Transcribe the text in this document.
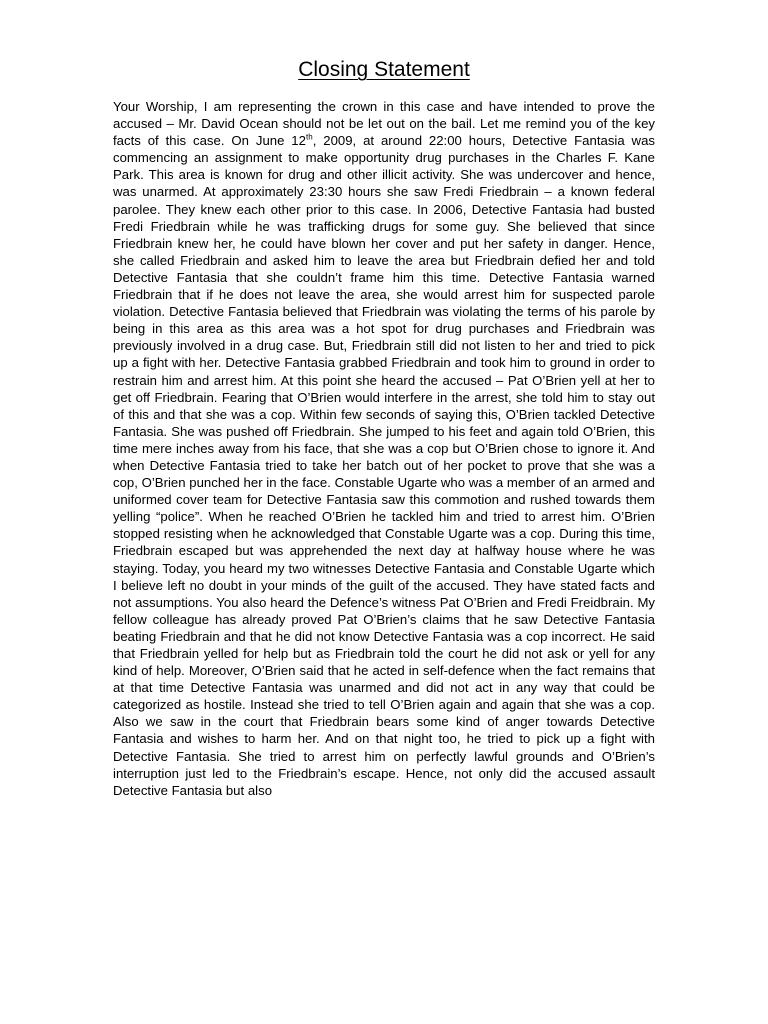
Closing Statement

Your Worship, I am representing the crown in this case and have intended to prove the accused – Mr. David Ocean should not be let out on the bail. Let me remind you of the key facts of this case. On June 12th, 2009, at around 22:00 hours, Detective Fantasia was commencing an assignment to make opportunity drug purchases in the Charles F. Kane Park. This area is known for drug and other illicit activity. She was undercover and hence, was unarmed. At approximately 23:30 hours she saw Fredi Friedbrain – a known federal parolee. They knew each other prior to this case. In 2006, Detective Fantasia had busted Fredi Friedbrain while he was trafficking drugs for some guy. She believed that since Friedbrain knew her, he could have blown her cover and put her safety in danger. Hence, she called Friedbrain and asked him to leave the area but Friedbrain defied her and told Detective Fantasia that she couldn’t frame him this time. Detective Fantasia warned Friedbrain that if he does not leave the area, she would arrest him for suspected parole violation. Detective Fantasia believed that Friedbrain was violating the terms of his parole by being in this area as this area was a hot spot for drug purchases and Friedbrain was previously involved in a drug case. But, Friedbrain still did not listen to her and tried to pick up a fight with her. Detective Fantasia grabbed Friedbrain and took him to ground in order to restrain him and arrest him. At this point she heard the accused – Pat O’Brien yell at her to get off Friedbrain. Fearing that O’Brien would interfere in the arrest, she told him to stay out of this and that she was a cop. Within few seconds of saying this, O’Brien tackled Detective Fantasia. She was pushed off Friedbrain. She jumped to his feet and again told O’Brien, this time mere inches away from his face, that she was a cop but O’Brien chose to ignore it. And when Detective Fantasia tried to take her batch out of her pocket to prove that she was a cop, O’Brien punched her in the face. Constable Ugarte who was a member of an armed and uniformed cover team for Detective Fantasia saw this commotion and rushed towards them yelling “police”. When he reached O’Brien he tackled him and tried to arrest him. O’Brien stopped resisting when he acknowledged that Constable Ugarte was a cop. During this time, Friedbrain escaped but was apprehended the next day at halfway house where he was staying. Today, you heard my two witnesses Detective Fantasia and Constable Ugarte which I believe left no doubt in your minds of the guilt of the accused. They have stated facts and not assumptions. You also heard the Defence’s witness Pat O’Brien and Fredi Freidbrain. My fellow colleague has already proved Pat O’Brien’s claims that he saw Detective Fantasia beating Friedbrain and that he did not know Detective Fantasia was a cop incorrect. He said that Friedbrain yelled for help but as Friedbrain told the court he did not ask or yell for any kind of help. Moreover, O’Brien said that he acted in self-defence when the fact remains that at that time Detective Fantasia was unarmed and did not act in any way that could be categorized as hostile. Instead she tried to tell O’Brien again and again that she was a cop. Also we saw in the court that Friedbrain bears some kind of anger towards Detective Fantasia and wishes to harm her. And on that night too, he tried to pick up a fight with Detective Fantasia. She tried to arrest him on perfectly lawful grounds and O’Brien’s interruption just led to the Friedbrain’s escape. Hence, not only did the accused assault Detective Fantasia but also
